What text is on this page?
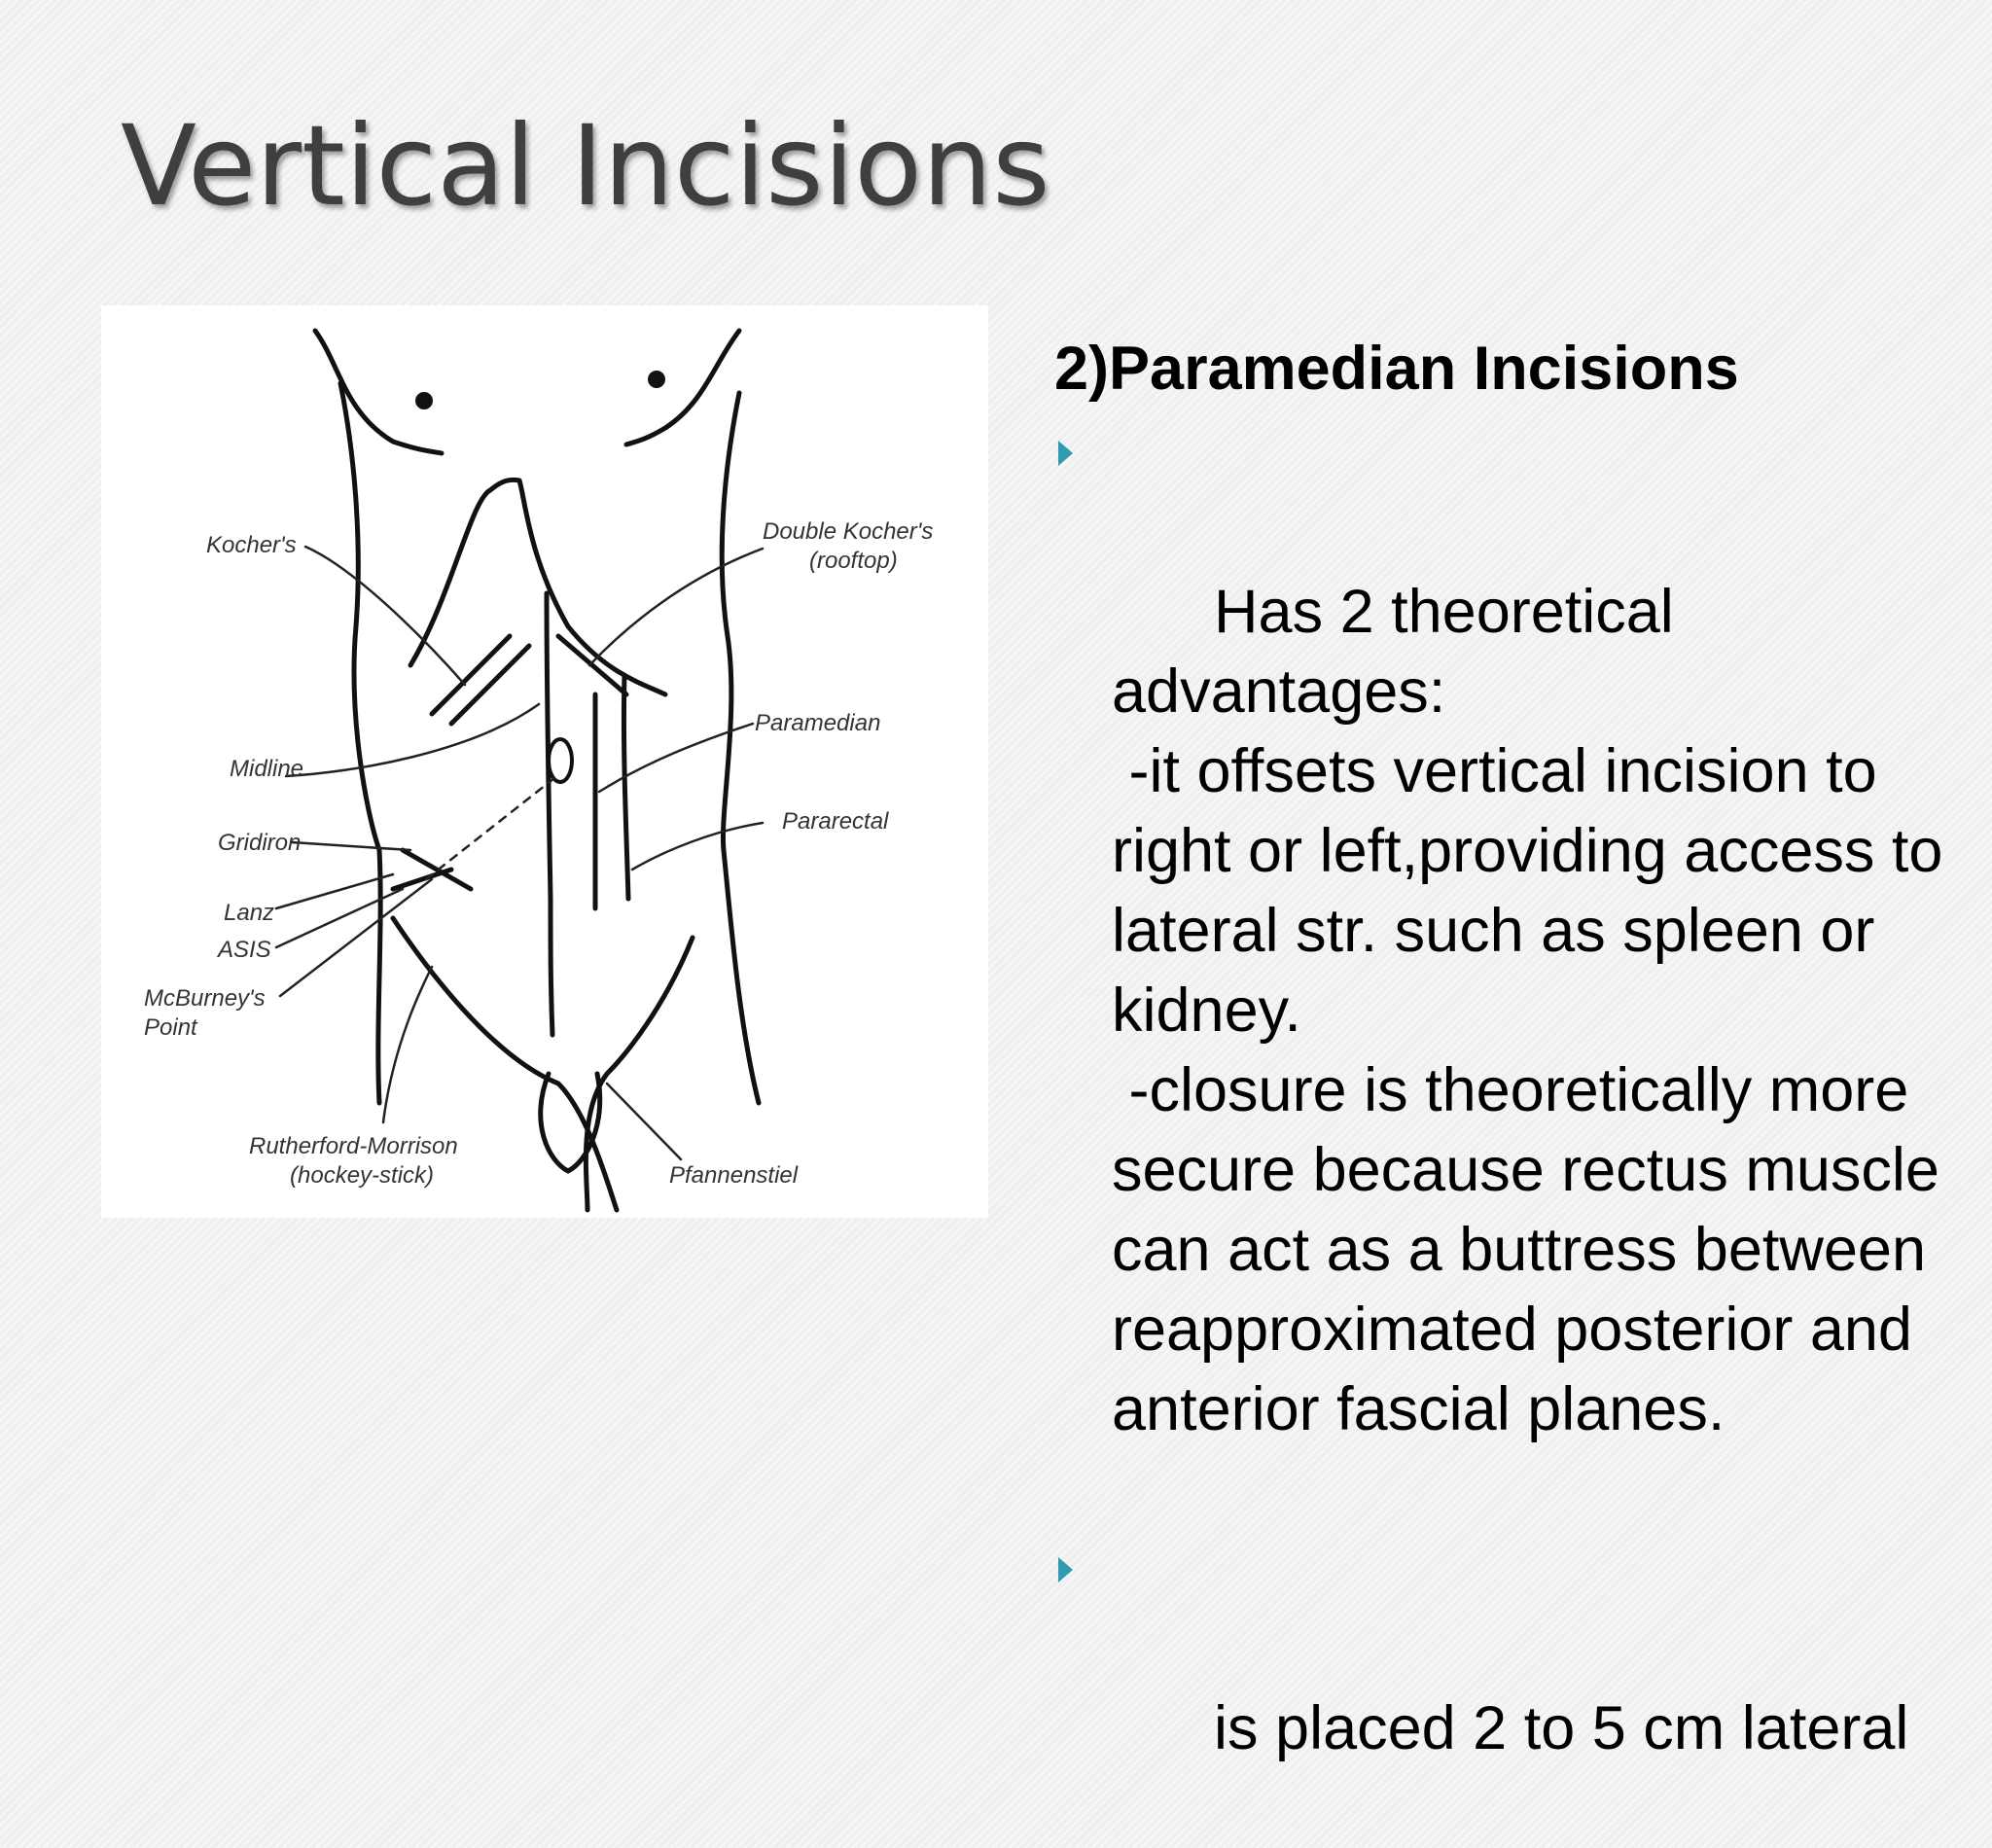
Vertical Incisions
Kocher's
Double Kocher's
(rooftop)
Paramedian
Midline
Pararectal
Gridiron
Lanz
ASIS
McBurney's
Point
Rutherford-Morrison
(hockey-stick)	Pfannenstiel
2)Paramedian Incisions

Has 2 theoretical advantages:
-it offsets vertical incision to right or left,providing access to lateral str. such as spleen or kidney.
-closure is theoretically more secure because rectus muscle can act as a buttress between reapproximated posterior and anterior fascial planes.

is placed 2 to 5 cm lateral
